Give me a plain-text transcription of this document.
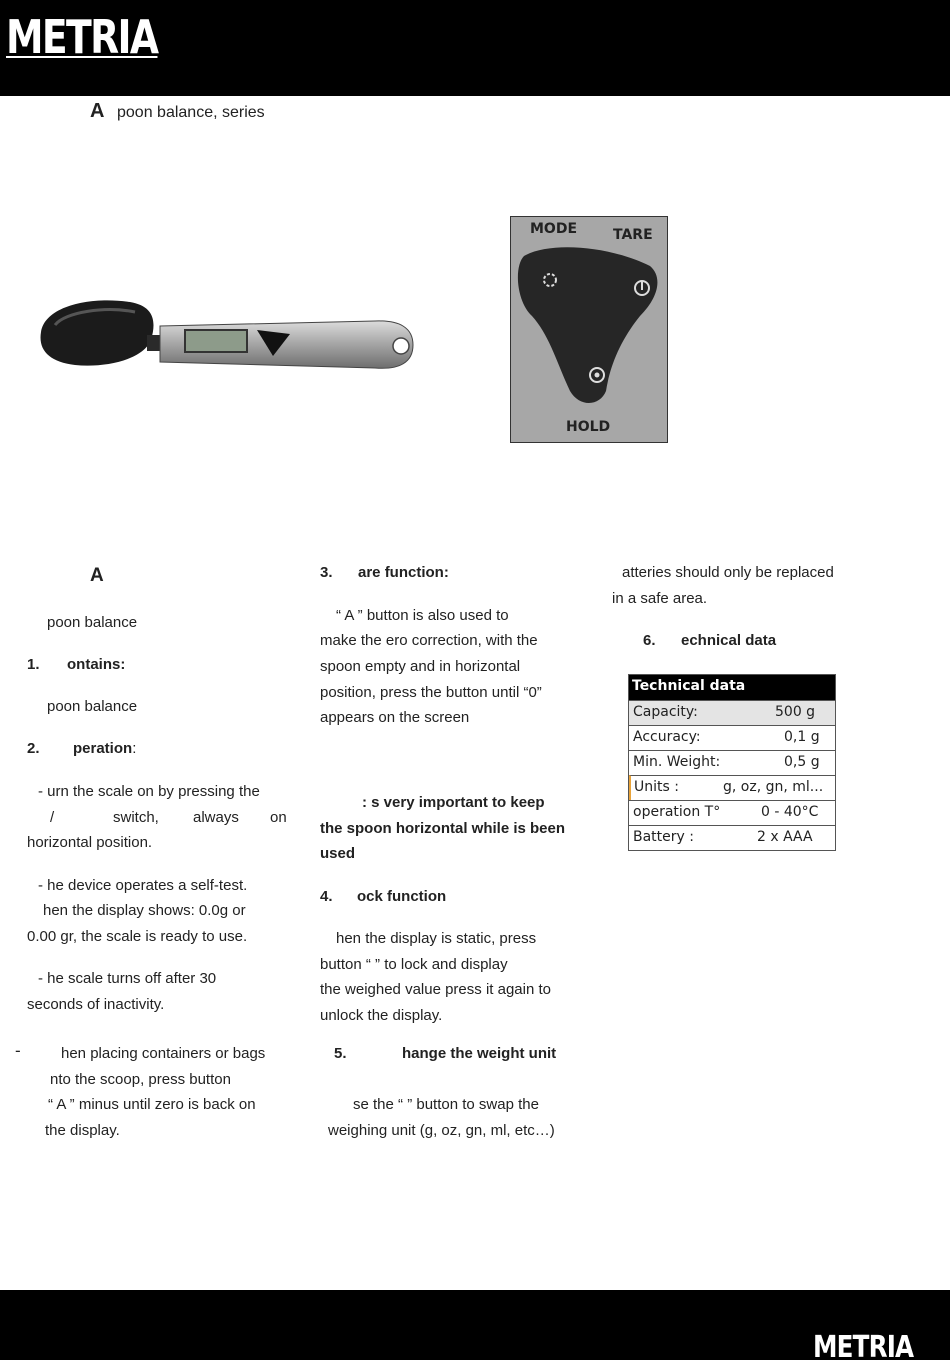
METRIA
A poon balance, series
MODE	TARE
HOLD
A
poon balance
1. ontains:
poon balance
2. peration:
- urn the scale on by pressing the
/	switch, always on
horizontal position.
- he device operates a self-test.
hen the display shows: 0.0g or
0.00 gr, the scale is ready to use.
- he scale turns off after 30
seconds of inactivity.
-	hen placing containers or bags
nto the scoop, press button
“ A ” minus until zero is back on
the display.
3. are function:
“ A ” button is also used to
make the ero correction, with the
spoon empty and in horizontal
position, press the button until “0”
appears on the screen
: s very important to keep
the spoon horizontal while is been
used
4. ock function
hen the display is static, press
button “ ” to lock and display
the weighed value press it again to
unlock the display.
5.	hange the weight unit
se the “ ” button to swap the
weighing unit (g, oz, gn, ml, etc…)
atteries should only be replaced
in a safe area.
6. echnical data
Technical data
Capacity:	500 g
Accuracy:	0,1 g
Min. Weight:	0,5 g
Units :	g, oz, gn, ml...
operation T°	0 - 40°C
Battery :	2 x AAA
METRIA
